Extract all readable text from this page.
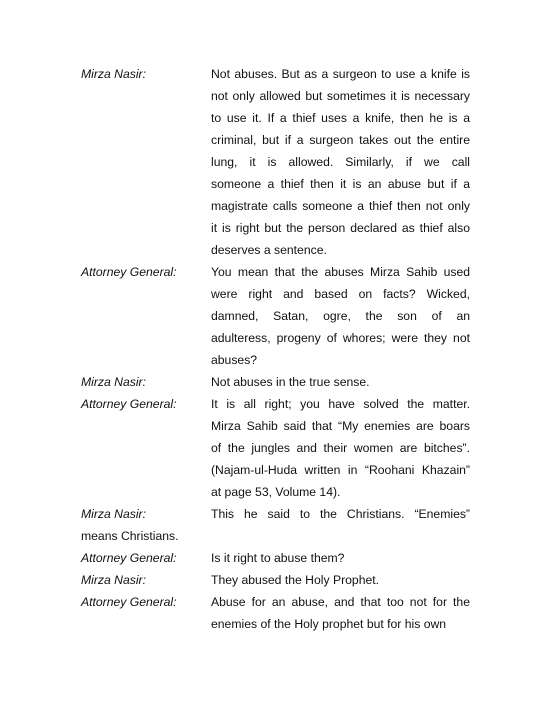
Mirza Nasir:	Not abuses. But as a surgeon to use a knife is
not only allowed but sometimes it is necessary
to use it. If a thief uses a knife, then he is a
criminal, but if a surgeon takes out the entire
lung, it is allowed. Similarly, if we call
someone a thief then it is an abuse but if a
magistrate calls someone a thief then not only
it is right but the person declared as thief also
deserves a sentence.
Attorney General:	You mean that the abuses Mirza Sahib used
were right and based on facts? Wicked,
damned, Satan, ogre, the son of an
adulteress, progeny of whores; were they not
abuses?
Mirza Nasir:	Not abuses in the true sense.
Attorney General:	It is all right; you have solved the matter.
Mirza Sahib said that “My enemies are boars
of the jungles and their women are bitches”.
(Najam-ul-Huda written in “Roohani Khazain”
at page 53, Volume 14).
Mirza Nasir:	This he said to the Christians. “Enemies”
means Christians.
Attorney General:	Is it right to abuse them?
Mirza Nasir:	They abused the Holy Prophet.
Attorney General:	Abuse for an abuse, and that too not for the
enemies of the Holy prophet but for his own
